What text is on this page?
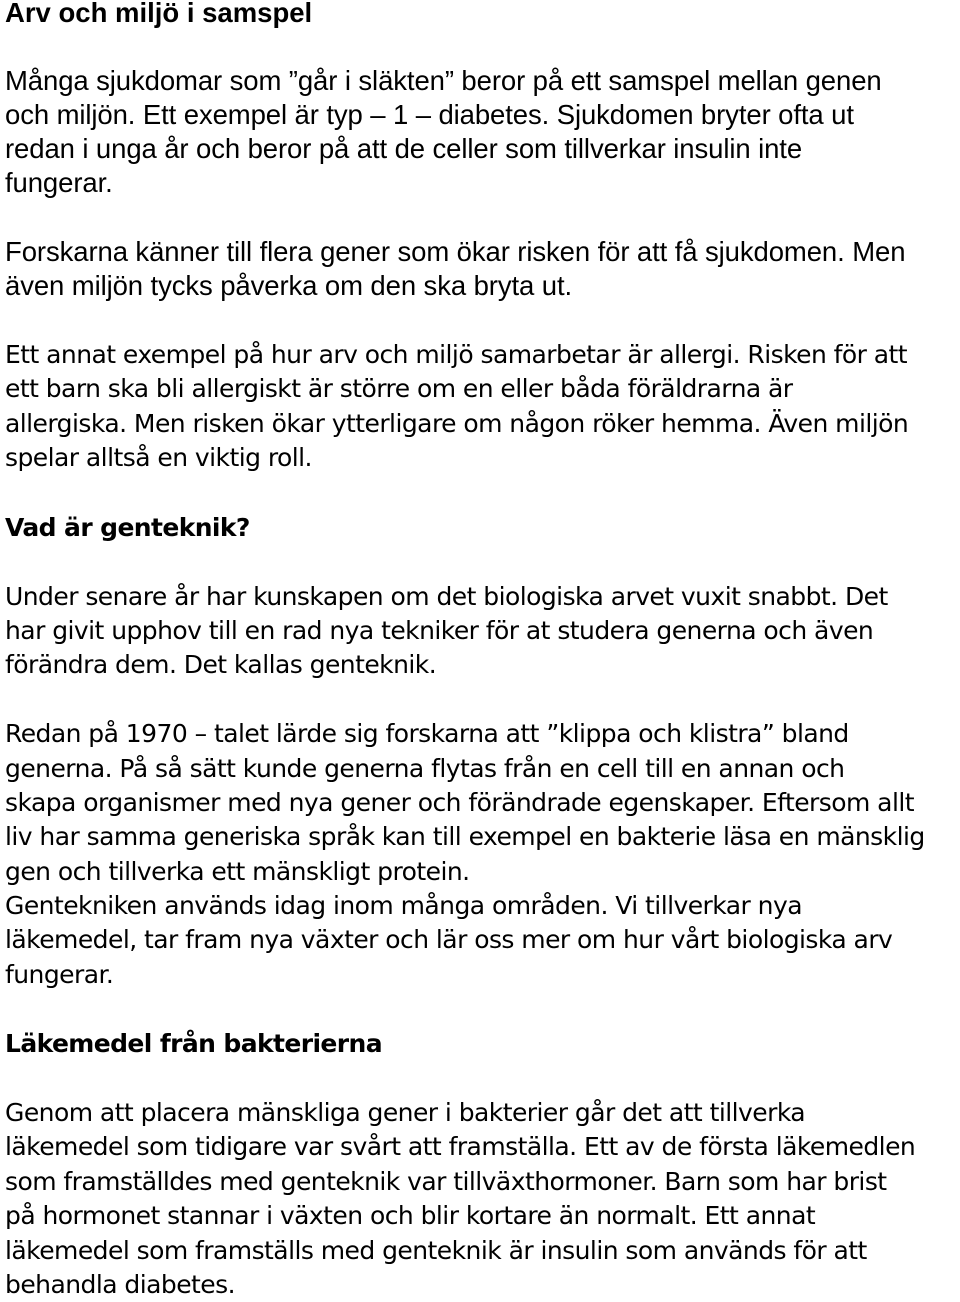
Arv och miljö i samspel
Många sjukdomar som ”går i släkten” beror på ett samspel mellan genen
och miljön. Ett exempel är typ – 1 – diabetes. Sjukdomen bryter ofta ut
redan i unga år och beror på att de celler som tillverkar insulin inte
fungerar.
Forskarna känner till flera gener som ökar risken för att få sjukdomen. Men
även miljön tycks påverka om den ska bryta ut.
Ett annat exempel på hur arv och miljö samarbetar är allergi. Risken för att
ett barn ska bli allergiskt är större om en eller båda föräldrarna är
allergiska. Men risken ökar ytterligare om någon röker hemma. Även miljön
spelar alltså en viktig roll.
Vad är genteknik?
Under senare år har kunskapen om det biologiska arvet vuxit snabbt. Det
har givit upphov till en rad nya tekniker för at studera generna och även
förändra dem. Det kallas genteknik.
Redan på 1970 – talet lärde sig forskarna att ”klippa och klistra” bland
generna. På så sätt kunde generna flytas från en cell till en annan och
skapa organismer med nya gener och förändrade egenskaper. Eftersom allt
liv har samma generiska språk kan till exempel en bakterie läsa en mänsklig
gen och tillverka ett mänskligt protein.
Gentekniken används idag inom många områden. Vi tillverkar nya
läkemedel, tar fram nya växter och lär oss mer om hur vårt biologiska arv
fungerar.
Läkemedel från bakterierna
Genom att placera mänskliga gener i bakterier går det att tillverka
läkemedel som tidigare var svårt att framställa. Ett av de första läkemedlen
som framställdes med genteknik var tillväxthormoner. Barn som har brist
på hormonet stannar i växten och blir kortare än normalt. Ett annat
läkemedel som framställs med genteknik är insulin som används för att
behandla diabetes.
